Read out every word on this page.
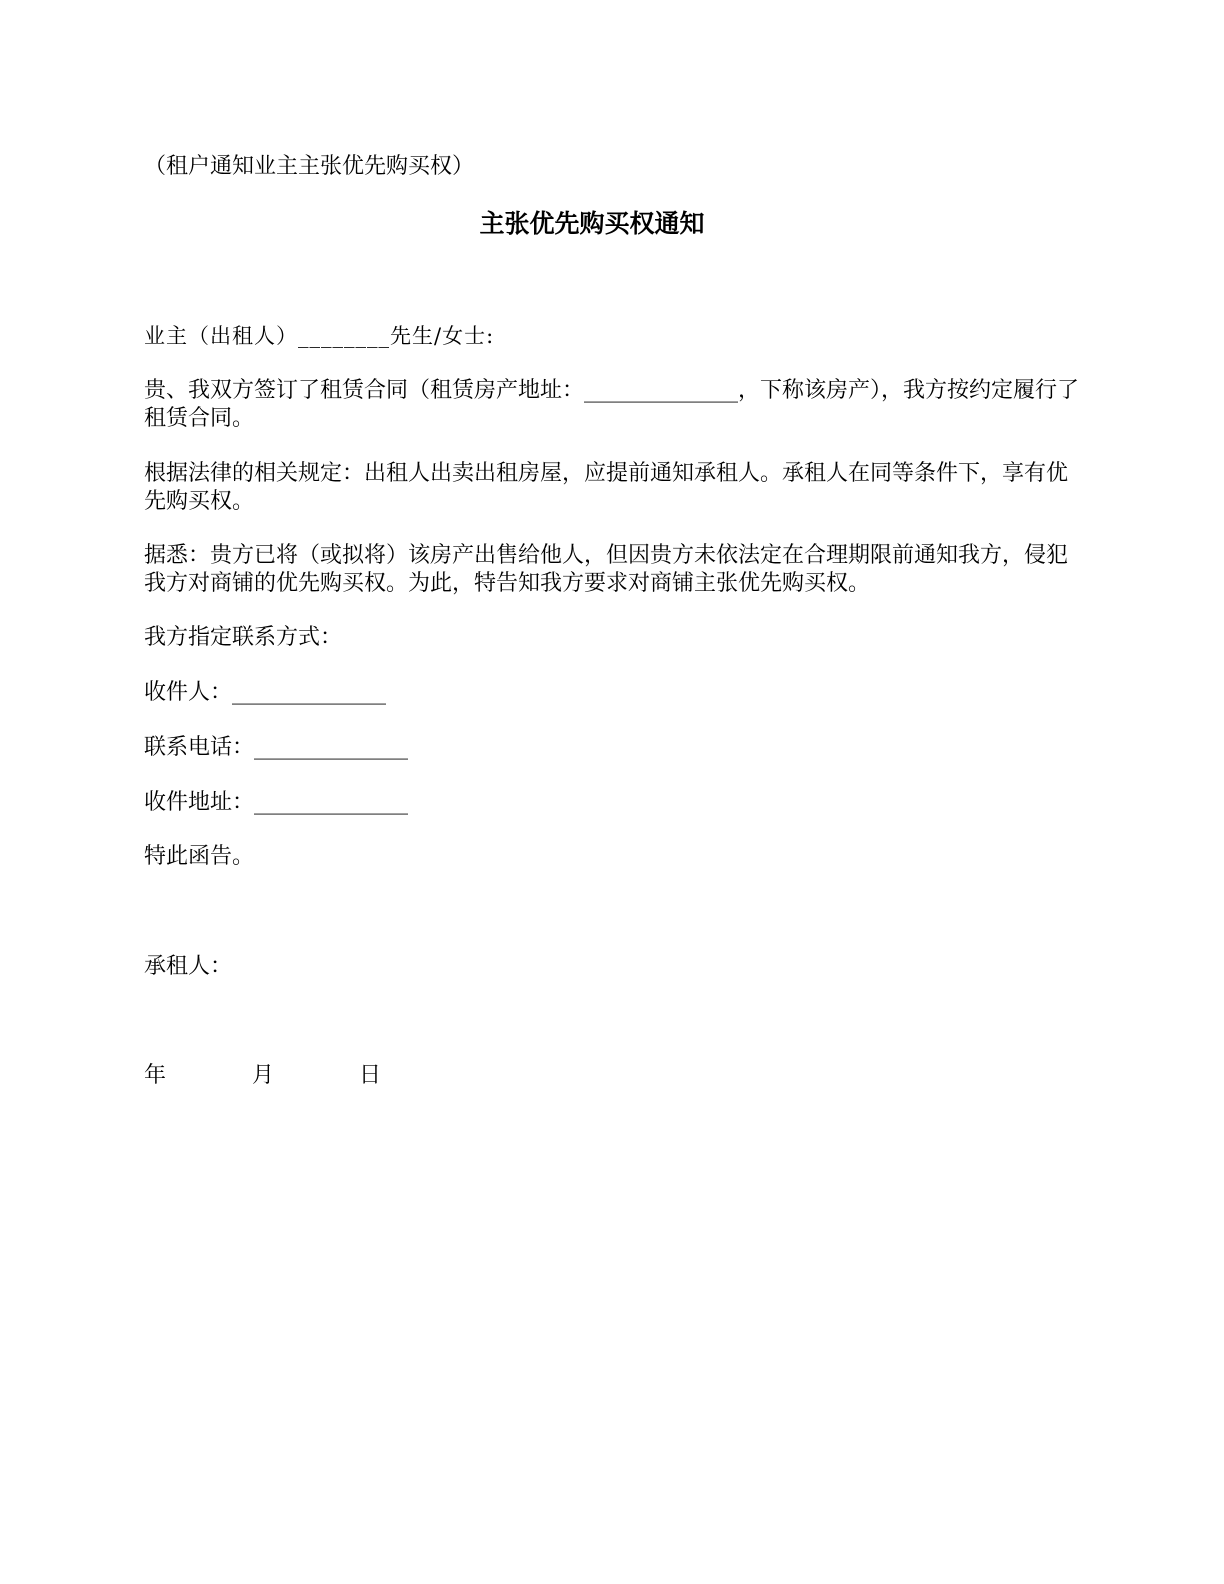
（租户通知业主主张优先购买权）
主张优先购买权通知
业主（出租人）________先生/女士:
贵、我双方签订了租赁合同（租赁房产地址：______________，下称该房产），我方按约定履行了租赁合同。
根据法律的相关规定：出租人出卖出租房屋，应提前通知承租人。承租人在同等条件下，享有优先购买权。
据悉：贵方已将（或拟将）该房产出售给他人，但因贵方未依法定在合理期限前通知我方，侵犯我方对商铺的优先购买权。为此，特告知我方要求对商铺主张优先购买权。
我方指定联系方式：
收件人：______________
联系电话：______________
收件地址：______________
特此函告。
承租人：
年	月	日
